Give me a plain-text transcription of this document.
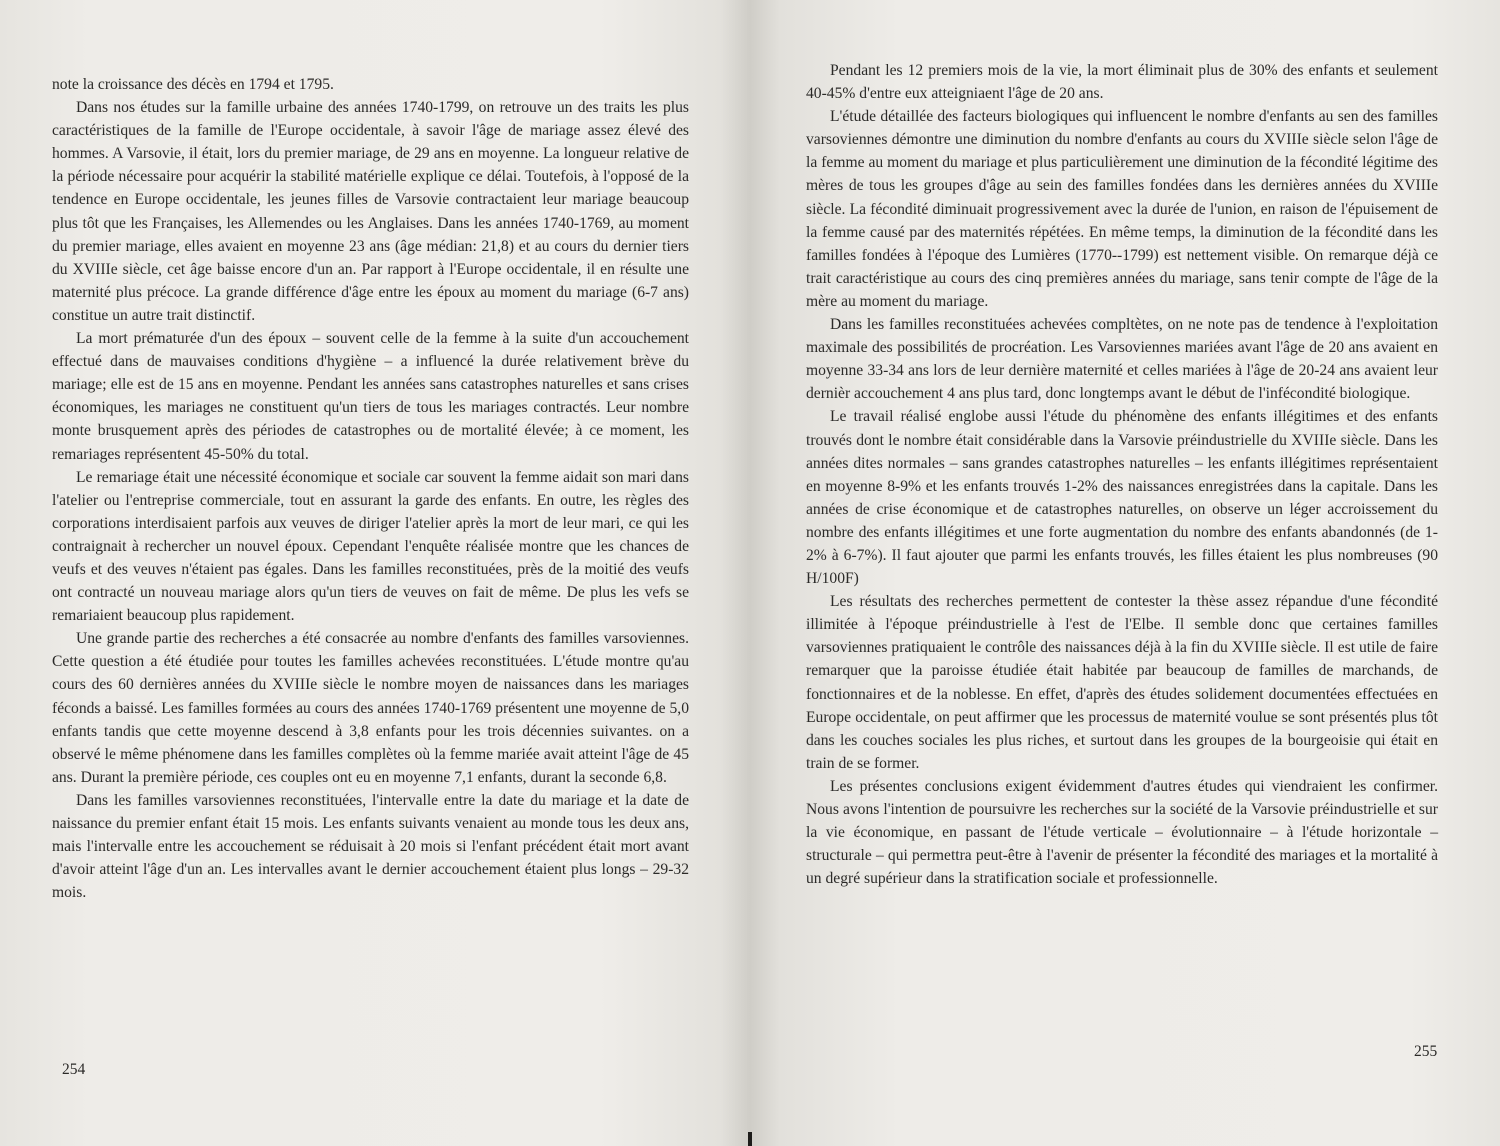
note la croissance des décès en 1794 et 1795.

Dans nos études sur la famille urbaine des années 1740-1799, on retrouve un des traits les plus caractéristiques de la famille de l'Europe occidentale, à savoir l'âge de mariage assez élevé des hommes. A Varsovie, il était, lors du premier mariage, de 29 ans en moyenne. La longueur relative de la période nécessaire pour acquérir la stabilité matérielle explique ce délai. Toutefois, à l'opposé de la tendence en Europe occidentale, les jeunes filles de Varsovie contractaient leur mariage beaucoup plus tôt que les Françaises, les Allemendes ou les Anglaises. Dans les années 1740-1769, au moment du premier mariage, elles avaient en moyenne 23 ans (âge médian: 21,8) et au cours du dernier tiers du XVIIIe siècle, cet âge baisse encore d'un an. Par rapport à l'Europe occidentale, il en résulte une maternité plus précoce. La grande différence d'âge entre les époux au moment du mariage (6-7 ans) constitue un autre trait distinctif.

La mort prématurée d'un des époux – souvent celle de la femme à la suite d'un accouchement effectué dans de mauvaises conditions d'hygiène – a influencé la durée relativement brève du mariage; elle est de 15 ans en moyenne. Pendant les années sans catastrophes naturelles et sans crises économiques, les mariages ne constituent qu'un tiers de tous les mariages contractés. Leur nombre monte brusquement après des périodes de catastrophes ou de mortalité élevée; à ce moment, les remariages représentent 45-50% du total.

Le remariage était une nécessité économique et sociale car souvent la femme aidait son mari dans l'atelier ou l'entreprise commerciale, tout en assurant la garde des enfants. En outre, les règles des corporations interdisaient parfois aux veuves de diriger l'atelier après la mort de leur mari, ce qui les contraignait à rechercher un nouvel époux. Cependant l'enquête réalisée montre que les chances de veufs et des veuves n'étaient pas égales. Dans les familles reconstituées, près de la moitié des veufs ont contracté un nouveau mariage alors qu'un tiers de veuves on fait de même. De plus les vefs se remariaient beaucoup plus rapidement.

Une grande partie des recherches a été consacrée au nombre d'enfants des familles varsoviennes. Cette question a été étudiée pour toutes les familles achevées reconstituées. L'étude montre qu'au cours des 60 dernières années du XVIIIe siècle le nombre moyen de naissances dans les mariages féconds a baissé. Les familles formées au cours des années 1740-1769 présentent une moyenne de 5,0 enfants tandis que cette moyenne descend à 3,8 enfants pour les trois décennies suivantes. on a observé le même phénomene dans les familles complètes où la femme mariée avait atteint l'âge de 45 ans. Durant la première période, ces couples ont eu en moyenne 7,1 enfants, durant la seconde 6,8.

Dans les familles varsoviennes reconstituées, l'intervalle entre la date du mariage et la date de naissance du premier enfant était 15 mois. Les enfants suivants venaient au monde tous les deux ans, mais l'intervalle entre les accouchement se réduisait à 20 mois si l'enfant précédent était mort avant d'avoir atteint l'âge d'un an. Les intervalles avant le dernier accouchement étaient plus longs – 29-32 mois.

254

Pendant les 12 premiers mois de la vie, la mort éliminait plus de 30% des enfants et seulement 40-45% d'entre eux atteigniaent l'âge de 20 ans.

L'étude détaillée des facteurs biologiques qui influencent le nombre d'enfants au sen des familles varsoviennes démontre une diminution du nombre d'enfants au cours du XVIIIe siècle selon l'âge de la femme au moment du mariage et plus particulièrement une diminution de la fécondité légitime des mères de tous les groupes d'âge au sein des familles fondées dans les dernières années du XVIIIe siècle. La fécondité diminuait progressivement avec la durée de l'union, en raison de l'épuisement de la femme causé par des maternités répétées. En même temps, la diminution de la fécondité dans les familles fondées à l'époque des Lumières (1770--1799) est nettement visible. On remarque déjà ce trait caractéristique au cours des cinq premières années du mariage, sans tenir compte de l'âge de la mère au moment du mariage.

Dans les familles reconstituées achevées compltètes, on ne note pas de tendence à l'exploitation maximale des possibilités de procréation. Les Varsoviennes mariées avant l'âge de 20 ans avaient en moyenne 33-34 ans lors de leur dernière maternité et celles mariées à l'âge de 20-24 ans avaient leur dernièr accouchement 4 ans plus tard, donc longtemps avant le début de l'infécondité biologique.

Le travail réalisé englobe aussi l'étude du phénomène des enfants illégitimes et des enfants trouvés dont le nombre était considérable dans la Varsovie préindustrielle du XVIIIe siècle. Dans les années dites normales – sans grandes catastrophes naturelles – les enfants illégitimes représentaient en moyenne 8-9% et les enfants trouvés 1-2% des naissances enregistrées dans la capitale. Dans les années de crise économique et de catastrophes naturelles, on observe un léger accroissement du nombre des enfants illégitimes et une forte augmentation du nombre des enfants abandonnés (de 1-2% à 6-7%). Il faut ajouter que parmi les enfants trouvés, les filles étaient les plus nombreuses (90 H/100F)

Les résultats des recherches permettent de contester la thèse assez répandue d'une fécondité illimitée à l'époque préindustrielle à l'est de l'Elbe. Il semble donc que certaines familles varsoviennes pratiquaient le contrôle des naissances déjà à la fin du XVIIIe siècle. Il est utile de faire remarquer que la paroisse étudiée était habitée par beaucoup de familles de marchands, de fonctionnaires et de la noblesse. En effet, d'après des études solidement documentées effectuées en Europe occidentale, on peut affirmer que les processus de maternité voulue se sont présentés plus tôt dans les couches sociales les plus riches, et surtout dans les groupes de la bourgeoisie qui était en train de se former.

Les présentes conclusions exigent évidemment d'autres études qui viendraient les confirmer. Nous avons l'intention de poursuivre les recherches sur la société de la Varsovie préindustrielle et sur la vie économique, en passant de l'étude verticale – évolutionnaire – à l'étude horizontale – structurale – qui permettra peut-être à l'avenir de présenter la fécondité des mariages et la mortalité à un degré supérieur dans la stratification sociale et professionnelle.

255
